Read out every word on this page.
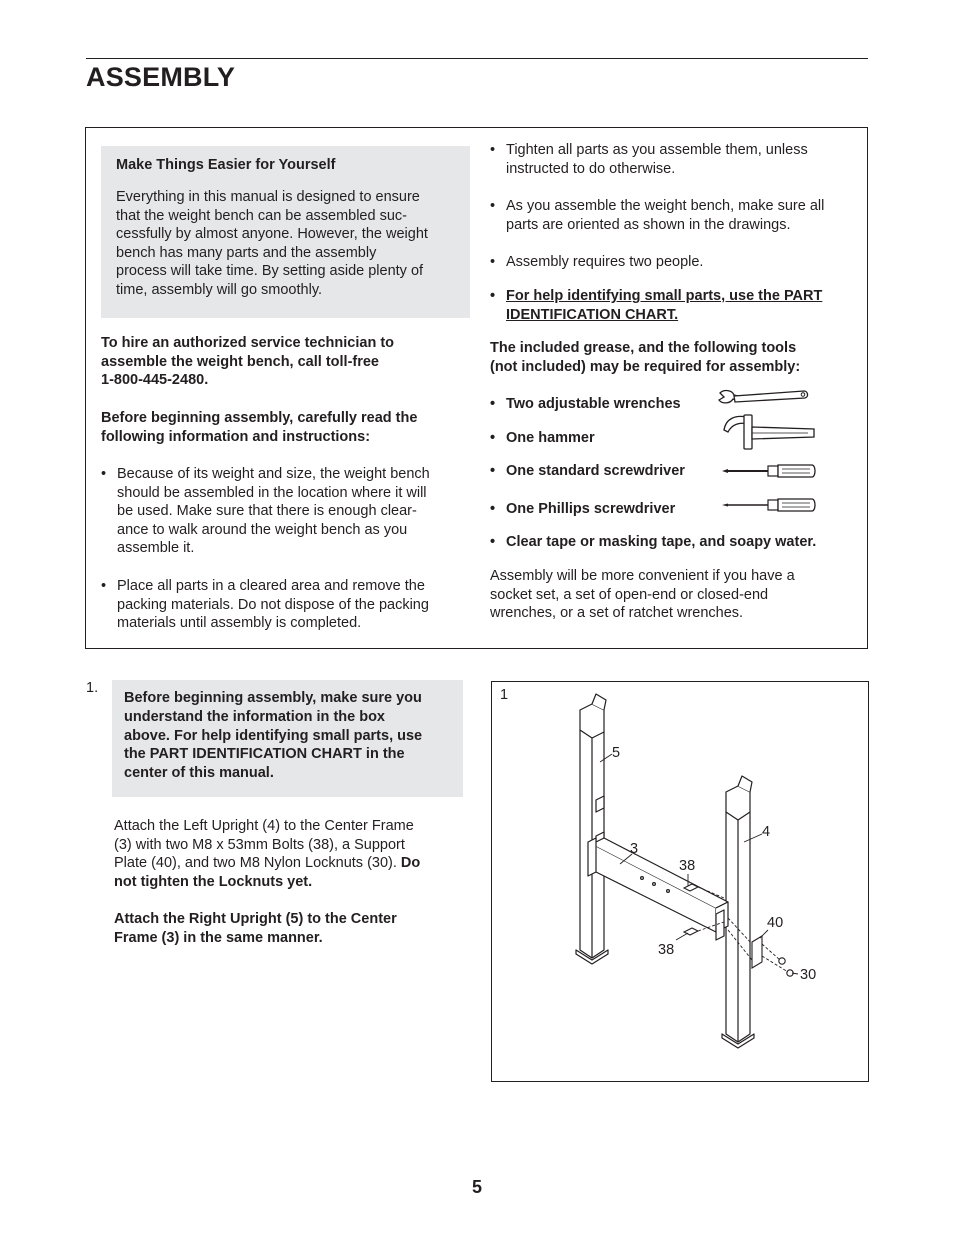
ASSEMBLY
Make Things Easier for Yourself

Everything in this manual is designed to ensure
that the weight bench can be assembled suc-
cessfully by almost anyone. However, the weight
bench has many parts and the assembly
process will take time. By setting aside plenty of
time, assembly will go smoothly.

To hire an authorized service technician to
assemble the weight bench, call toll-free
1-800-445-2480.

Before beginning assembly, carefully read the
following information and instructions:

• Because of its weight and size, the weight bench
should be assembled in the location where it will
be used. Make sure that there is enough clear-
ance to walk around the weight bench as you
assemble it.
• Place all parts in a cleared area and remove the
packing materials. Do not dispose of the packing
materials until assembly is completed.
• Tighten all parts as you assemble them, unless
instructed to do otherwise.
• As you assemble the weight bench, make sure all
parts are oriented as shown in the drawings.
• Assembly requires two people.
• For help identifying small parts, use the PART
IDENTIFICATION CHART.

The included grease, and the following tools
(not included) may be required for assembly:

• Two adjustable wrenches
• One hammer
• One standard screwdriver
• One Phillips screwdriver
• Clear tape or masking tape, and soapy water.

Assembly will be more convenient if you have a
socket set, a set of open-end or closed-end
wrenches, or a set of ratchet wrenches.

1.
Before beginning assembly, make sure you
understand the information in the box
above. For help identifying small parts, use
the PART IDENTIFICATION CHART in the
center of this manual.

Attach the Left Upright (4) to the Center Frame
(3) with two M8 x 53mm Bolts (38), a Support
Plate (40), and two M8 Nylon Locknuts (30). Do
not tighten the Locknuts yet.

Attach the Right Upright (5) to the Center
Frame (3) in the same manner.

1
5
4
3
38
38
40
30
5
